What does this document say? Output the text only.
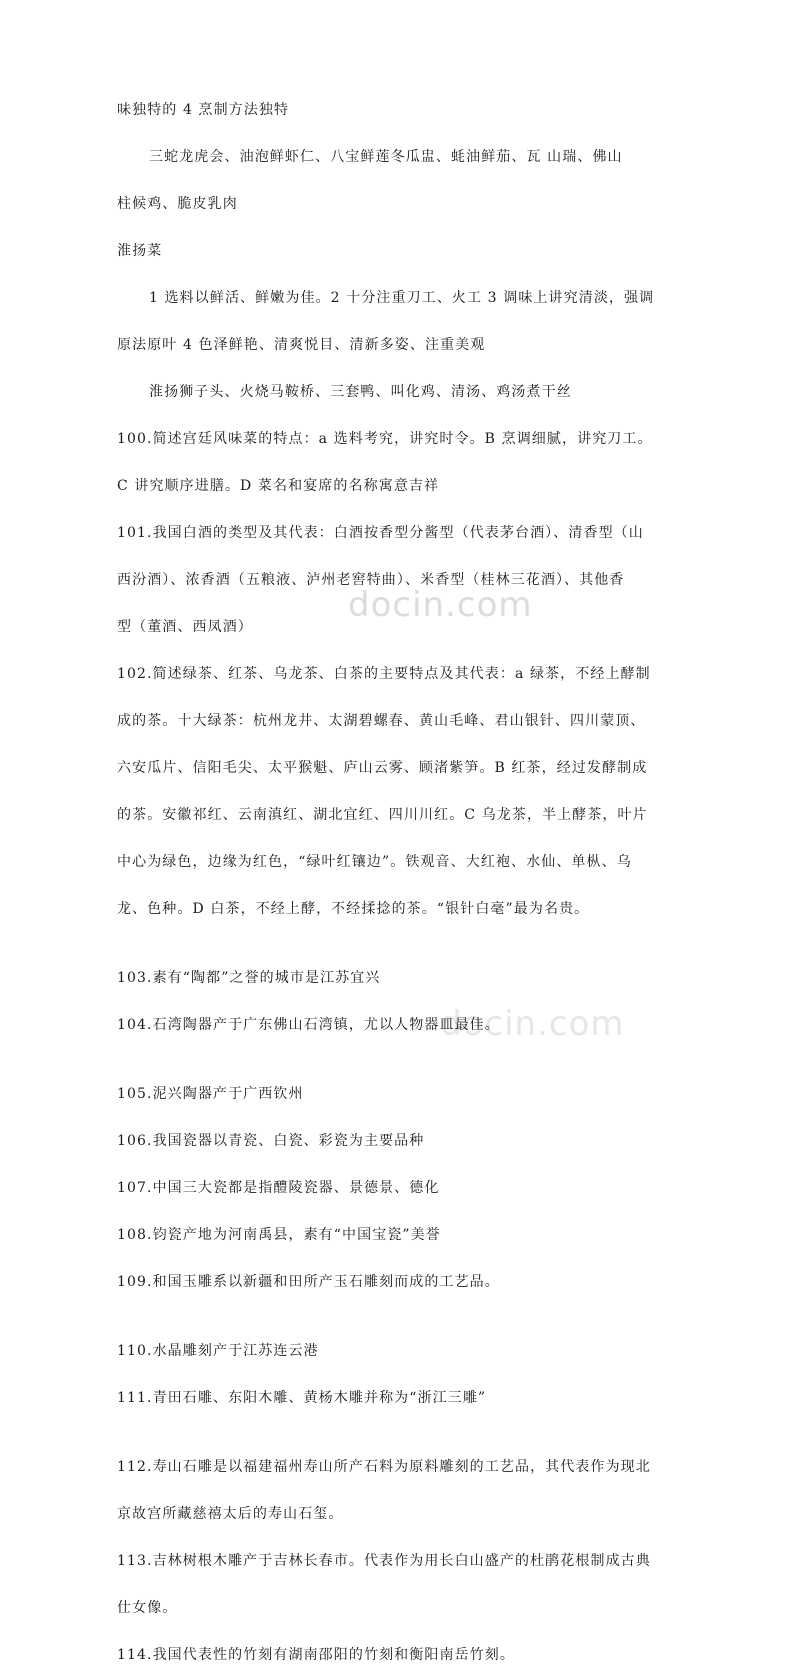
docin.com
docin.com
味独特的 4 烹制方法独特
三蛇龙虎会、油泡鲜虾仁、八宝鲜莲冬瓜盅、蚝油鲜茄、瓦 山瑞、佛山
柱候鸡、脆皮乳肉
淮扬菜
1 选料以鲜活、鲜嫩为佳。2 十分注重刀工、火工 3 调味上讲究清淡，强调
原法原叶 4 色泽鲜艳、清爽悦目、清新多姿、注重美观
淮扬狮子头、火烧马鞍桥、三套鸭、叫化鸡、清汤、鸡汤煮干丝
100.简述宫廷风味菜的特点：a 选料考究，讲究时令。B 烹调细腻，讲究刀工。
C 讲究顺序进膳。D 菜名和宴席的名称寓意吉祥
101.我国白酒的类型及其代表：白酒按香型分酱型（代表茅台酒）、清香型（山
西汾酒）、浓香酒（五粮液、泸州老窖特曲）、米香型（桂林三花酒）、其他香
型（董酒、西凤酒）
102.简述绿茶、红茶、乌龙茶、白茶的主要特点及其代表：a 绿茶，不经上酵制
成的茶。十大绿茶：杭州龙井、太湖碧螺春、黄山毛峰、君山银针、四川蒙顶、
六安瓜片、信阳毛尖、太平猴魁、庐山云雾、顾渚紫笋。B 红茶，经过发酵制成
的茶。安徽祁红、云南滇红、湖北宜红、四川川红。C 乌龙茶，半上酵茶，叶片
中心为绿色，边缘为红色，“绿叶红镶边”。铁观音、大红袍、水仙、单枞、乌
龙、色种。D 白茶，不经上酵，不经揉捻的茶。“银针白毫”最为名贵。
103.素有“陶都”之誉的城市是江苏宜兴
104.石湾陶器产于广东佛山石湾镇，尤以人物器皿最佳。
105.泥兴陶器产于广西钦州
106.我国瓷器以青瓷、白瓷、彩瓷为主要品种
107.中国三大瓷都是指醴陵瓷器、景德景、德化
108.钧瓷产地为河南禹县，素有“中国宝瓷”美誉
109.和国玉雕系以新疆和田所产玉石雕刻而成的工艺品。
110.水晶雕刻产于江苏连云港
111.青田石雕、东阳木雕、黄杨木雕并称为“浙江三雕”
112.寿山石雕是以福建福州寿山所产石料为原料雕刻的工艺品，其代表作为现北
京故宫所藏慈禧太后的寿山石玺。
113.吉林树根木雕产于吉林长春市。代表作为用长白山盛产的杜鹃花根制成古典
仕女像。
114.我国代表性的竹刻有湖南邵阳的竹刻和衡阳南岳竹刻。
